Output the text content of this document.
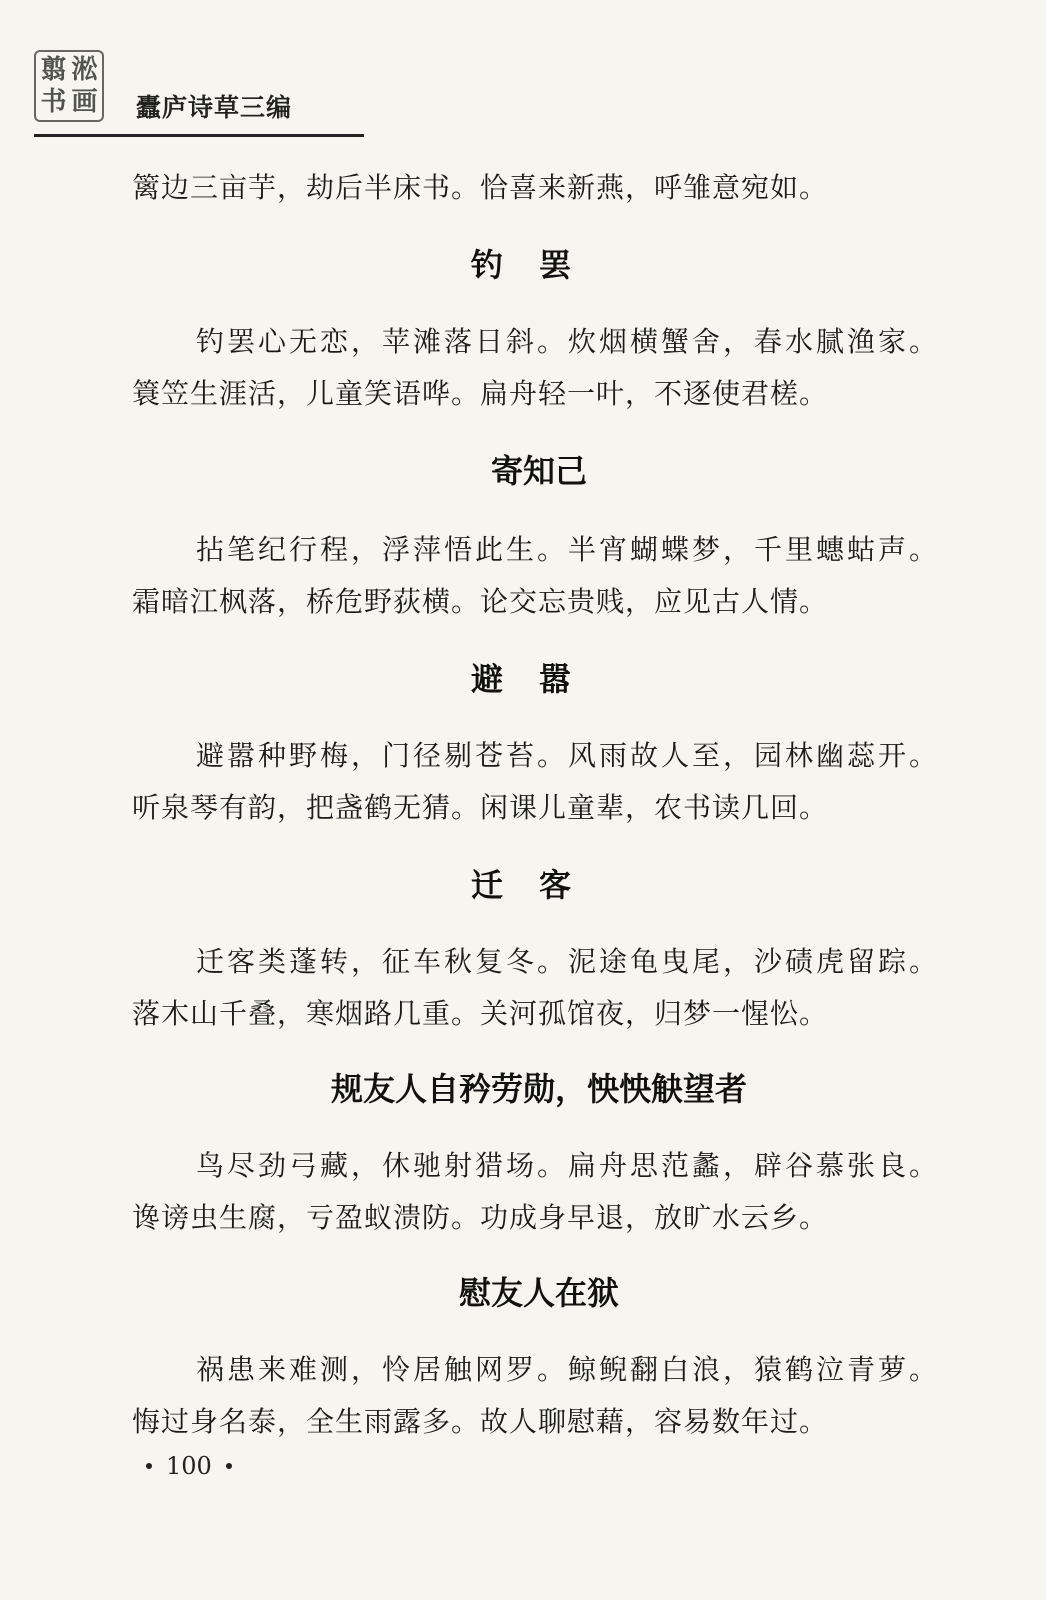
翦 淞
书 画 蠹庐诗草三编
篱边三亩芋，劫后半床书。恰喜来新燕，呼雏意宛如。
钓罢
钓罢心无恋，苹滩落日斜。炊烟横蟹舍，春水腻渔家。
簑笠生涯活，儿童笑语哗。扁舟轻一叶，不逐使君槎。
寄知己
拈笔纪行程，浮萍悟此生。半宵蝴蝶梦，千里蟪蛄声。
霜暗江枫落，桥危野荻横。论交忘贵贱，应见古人情。
避嚣
避嚣种野梅，门径剔苍苔。风雨故人至，园林幽蕊开。
听泉琴有韵，把盏鹤无猜。闲课儿童辈，农书读几回。
迁客
迁客类蓬转，征车秋复冬。泥途龟曳尾，沙碛虎留踪。
落木山千叠，寒烟路几重。关河孤馆夜，归梦一惺忪。
规友人自矜劳勋，怏怏觖望者
鸟尽劲弓藏，休驰射猎场。扁舟思范蠡，辟谷慕张良。
谗谤虫生腐，亏盈蚁溃防。功成身早退，放旷水云乡。
慰友人在狱
祸患来难测，怜居触网罗。鲸鲵翻白浪，猿鹤泣青萝。
悔过身名泰，全生雨露多。故人聊慰藉，容易数年过。
100
